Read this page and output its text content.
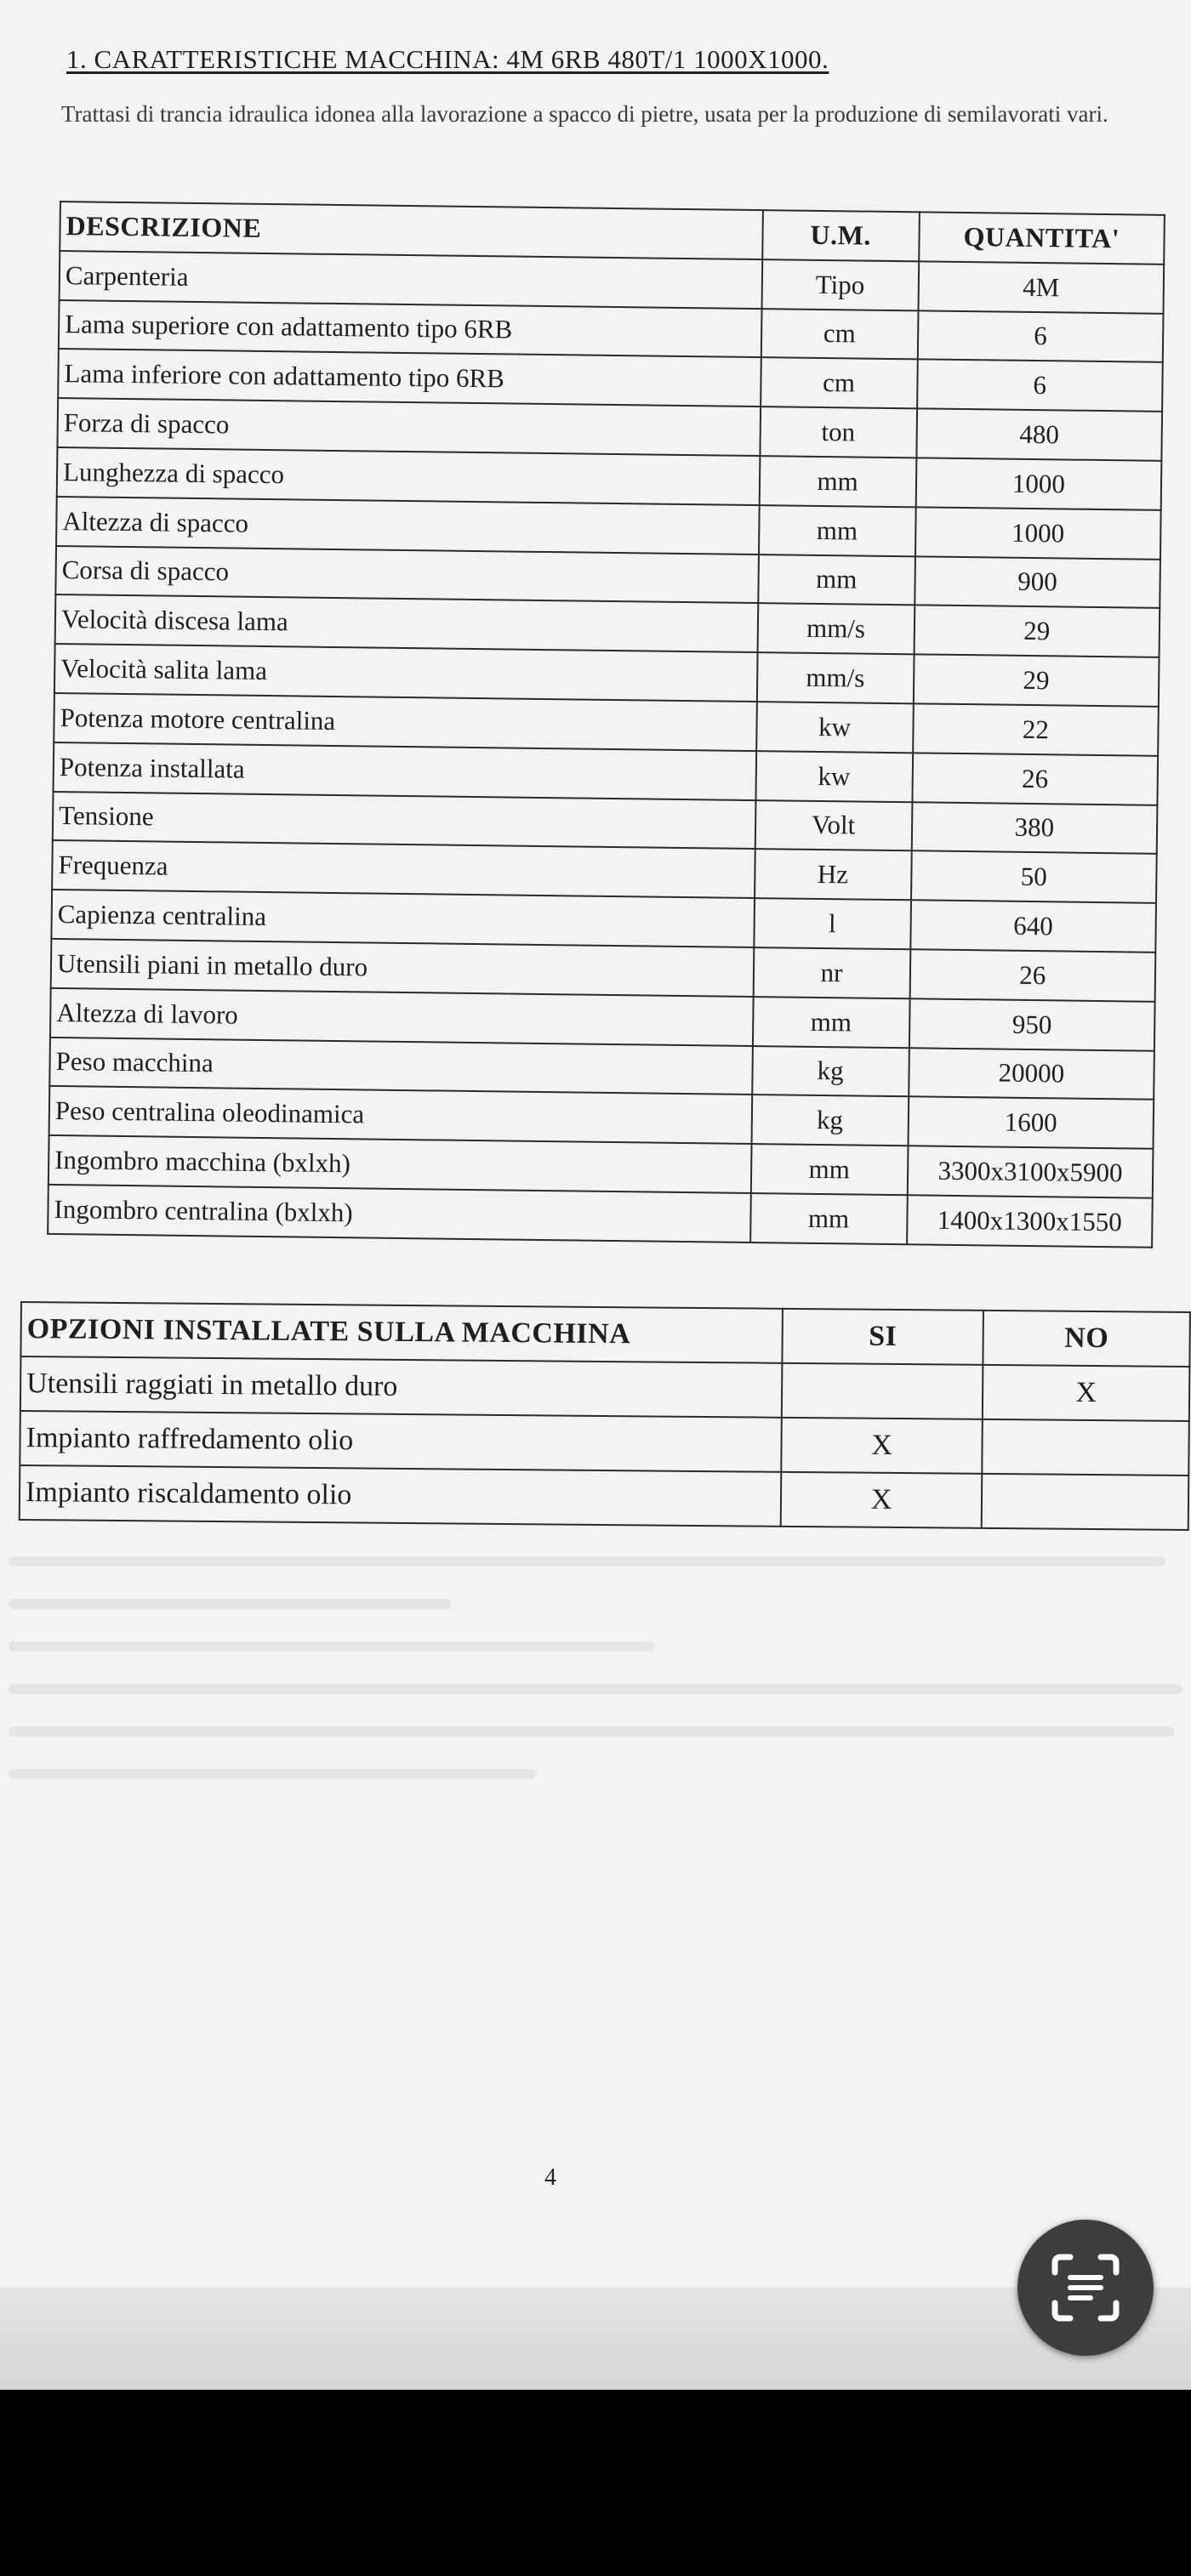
1. CARATTERISTICHE MACCHINA: 4M 6RB 480T/1 1000X1000.
Trattasi di trancia idraulica idonea alla lavorazione a spacco di pietre, usata per la produzione di semilavorati vari.
DESCRIZIONE	U.M.	QUANTITA'
Carpenteria	Tipo	4M
Lama superiore con adattamento tipo 6RB	cm	6
Lama inferiore con adattamento tipo 6RB	cm	6
Forza di spacco	ton	480
Lunghezza di spacco	mm	1000
Altezza di spacco	mm	1000
Corsa di spacco	mm	900
Velocità discesa lama	mm/s	29
Velocità salita lama	mm/s	29
Potenza motore centralina	kw	22
Potenza installata	kw	26
Tensione	Volt	380
Frequenza	Hz	50
Capienza centralina	l	640
Utensili piani in metallo duro	nr	26
Altezza di lavoro	mm	950
Peso macchina	kg	20000
Peso centralina oleodinamica	kg	1600
Ingombro macchina (bxlxh)	mm	3300x3100x5900
Ingombro centralina (bxlxh)	mm	1400x1300x1550
OPZIONI INSTALLATE SULLA MACCHINA	SI	NO
Utensili raggiati in metallo duro		X
Impianto raffredamento olio	X	
Impianto riscaldamento olio	X	
4
